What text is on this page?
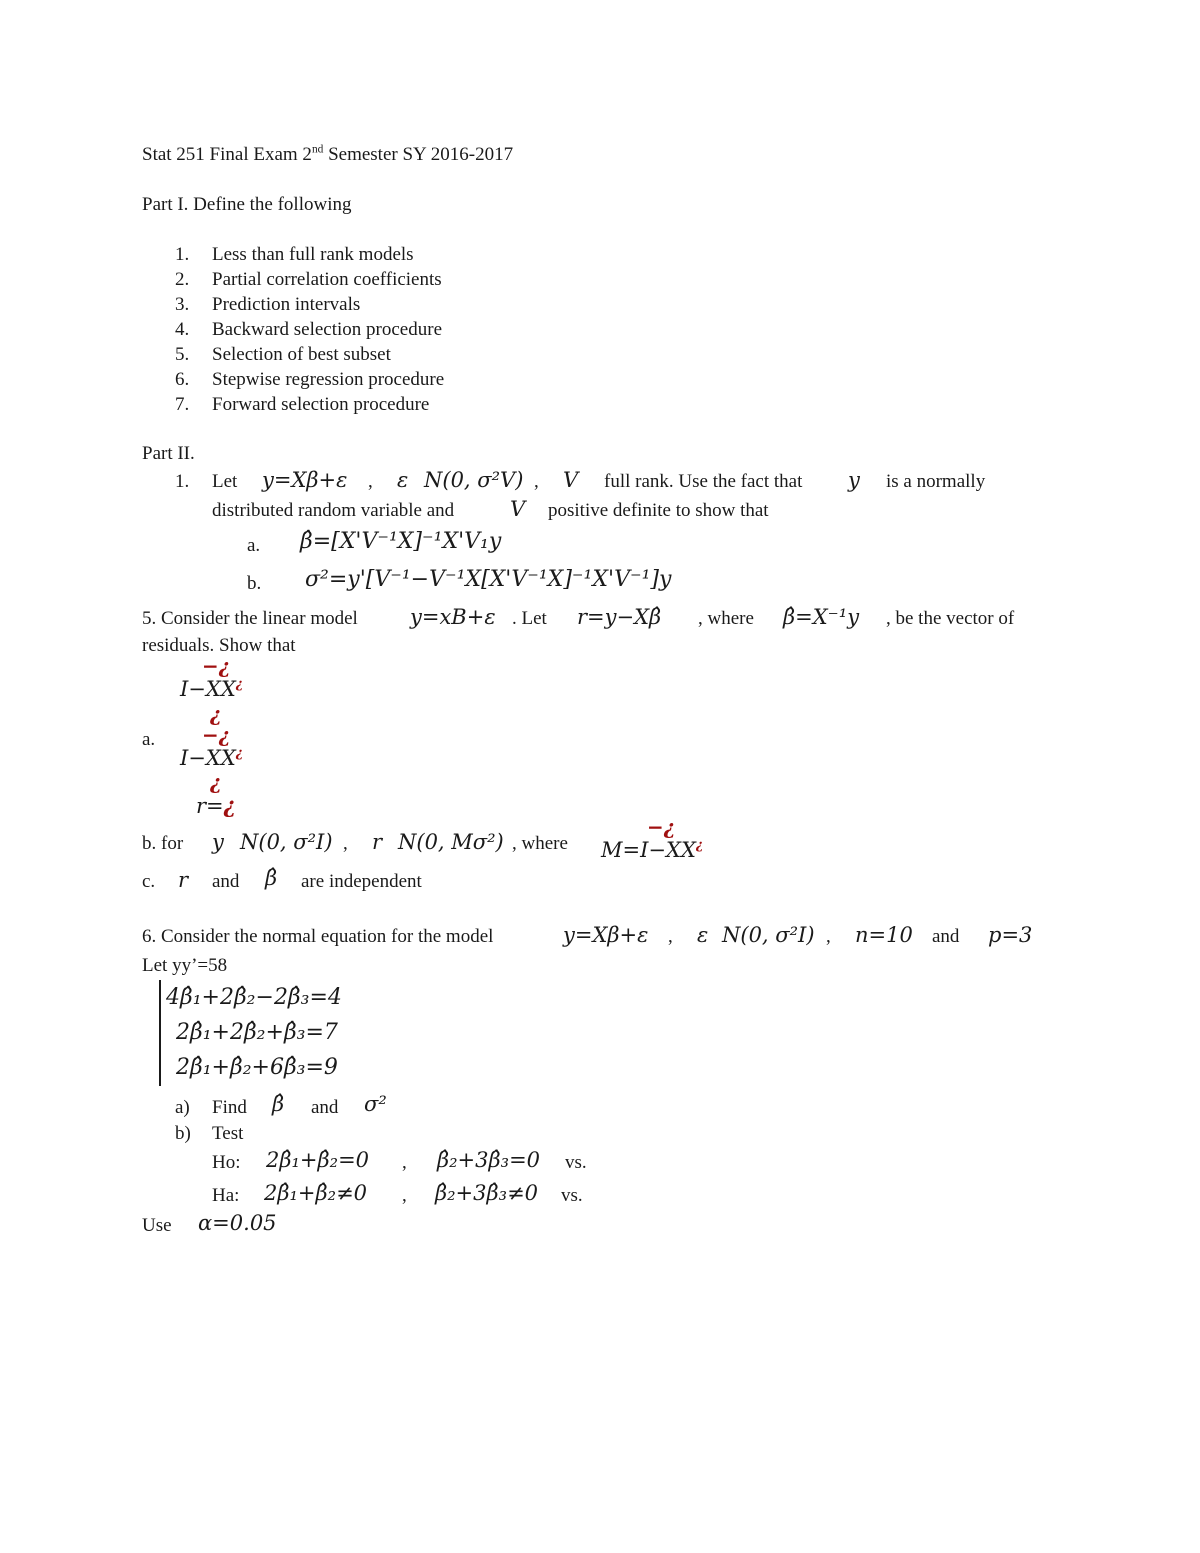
Stat 251 Final Exam 2nd Semester SY 2016-2017
Part I. Define the following
1. Less than full rank models
2. Partial correlation coefficients
3. Prediction intervals
4. Backward selection procedure
5. Selection of best subset
6. Stepwise regression procedure
7. Forward selection procedure
Part II.
1. Let y=Xβ+ε , ε N(0, σ²V) , V full rank. Use the fact that y is a normally
distributed random variable and	V positive definite to show that
a. β̂=[X'V⁻¹X]⁻¹X'V₁y
b. σ²=y'[V⁻¹−V⁻¹X[X'V⁻¹X]⁻¹X'V⁻¹]y
5. Consider the linear model y=xB+ε . Let r=y−Xβ̂ , where β̂=X⁻¹y , be the vector of
residuals. Show that
−¿
I−XX¿
¿
a. −¿
I−XX¿
¿
r=¿
b. for y N(0, σ²I) , r N(0, Mσ²) , where
−¿
M=I−XX¿
c. r and β̂ are independent
6. Consider the normal equation for the model	y=Xβ+ε , ε N(0, σ²I) , n=10 and p=3
Let yy’=58
4β̂₁+2β̂₂−2β̂₃=4
2β̂₁+2β̂₂+β̂₃=7
2β̂₁+β̂₂+6β̂₃=9
a) Find β̂ and σ²
b) Test
Ho: 2β̂₁+β̂₂=0 , β̂₂+3β̂₃=0 vs.
Ha: 2β̂₁+β̂₂≠0 , β̂₂+3β̂₃≠0 vs.
Use α=0.05
